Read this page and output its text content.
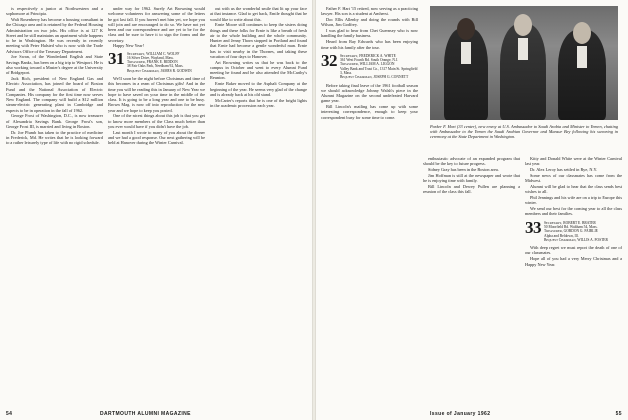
is respectively a junior at Northwestern and a sophomore at Principia.

Walt Rosenberry has become a housing consultant in the Chicago area and is retained by the Federal Housing Administration on two jobs. His office is at 127 K Street and he still maintains an apartment while happens to be in Washington. He was recently in recently meeting with Peter Halsted who is now with the Trade Advisors Office of the Treasury Department.

Joe Swan, of the Wonderland English and State Savings Banks, has been on a big trip to Westport. He is also working toward a Master's degree at the University of Bridgeport.

Jack Rich, president of New England Gas and Electric Association, has joined the board of Boston Fund and the National Association of Electric Companies. His company for the first time now serves New England. The company will build a $12 million steam-electric generating plant in Cambridge and expects to be in operation in the fall of 1962.

George Frost of Washington, D.C., is now treasurer of Alexandria Savings Bank. George Frost's son, George Frost III, is married and living in Boston.

Dr. Joe Plumb has taken to the practice of medicine in Frederick, Md. He writes that he is looking forward to a rather leisurely type of life with no rigid schedule.

under way for 1962. Surely Art Browning would welcome volunteers for answering some of the letters he got last fall. If you haven't met him yet, we hope you will join and are encouraged to do so. We have not yet been and our correspondence and are yet to be for the class and be sure to have it to sign the forms and the secretary.

Happy New Year!

31 Secretary, WILLIAM C. WOLFF
16 Silver Drive, Wayland, Mass.
Treasurer, FRANK E. BIDDON
38 Fair Oaks Park, Needham 92, Mass.
Bequest Chairman, JAMES R. GODWIN

We'll soon be the night before Christmas and time of this becomes in a ream of Christmas gifts! And in the time you will be reading this in January of New Year we hope to have saved on your time in the middle of the class. It is going to be a long year and one to be busy. Brown Mag. is now off into reproduction for the new year and we hope to keep you posted.

One of the nicest things about this job is that you get to know more members of the Class much better than you ever would have if you didn't have the job.

Last month I wrote to many of you about the dinner and we had a good response. Our next gathering will be held at Hanover during the Winter Carnival.

out with us the wonderful smile that lit up your face at that instance. Glad to get back, Emile thought that he would like to write about this.

Ernie Moore still continues to keep the sisters doing things and these folks for Ernie is like a breath of fresh air to the whole building and the whole community. Hunter and Jenny Thorn stopped in Portland and found that Ernie had become a gentle wonderful man. Ernie has to visit nearby in the Thornes, and taking these vacation of four days to Hanover.

Art Browning writes us that he was back to the campus in October and went to every Alumni Fund meeting he found and he also attended the McCarthy's Reunion.

Ernie Baker moved to the Asphalt Company at the beginning of the year. He seems very glad of the change and is already back at his old stand.

McCarter's reports that he is one of the bright lights in the academic procession each year.

Father F. Hart '15 retired, now serving as a practicing lawyer. His son is a student at Amherst.

Doc Ellis Allenby and doing the rounds with Bill Wilson, Jim Godfrey.

I was glad to hear from Chet Guernsey who is now handling the family business.

Heard from Ray Edwards who has been enjoying time with his family after the tour.

32 Secretary, FREDERICK A. WHITE
361 West Fourth Rd. South Orange, N.J.
Treasurer, WILLIAM A. LIGGON
Valley Bank and Trust Co., 1317 Main St. Springfield 3, Mass.
Bequest Chairman, JOSEPH G. CONNETT

Before taking final leave of the 1961 football season we should acknowledge Johnny Walsh's piece in the Alumni Magazine on the second undefeated Harvard game year.

Bill Lincoln's mailing has come up with some interesting correspondence, enough to keep your correspondent busy for some time to come.

Parker F. Hart (33 center), new envoy at U.S. Ambassador to Saudi Arabia and Minister to Yemen, chatting with Ambassador to the Yemen the Saudi Arabian Governor and Mansur Bey following his swearing in ceremony at the State Department in Washington.

enthusiastic advocate of an expanded program that should be the key to future progress.

Sidney Gray has been in the Boston area.

Jim Hoffman is still at the newspaper and wrote that he is enjoying time with family.

Bill Lincoln and Dewey Pullen are planning a reunion of the class this fall.

Kitty and Donald White were at the Winter Carnival last year.

Dr. Alex Leroy has settled in Rye, N.Y.

Some news of our classmates has come from the Midwest.

Alumni will be glad to hear that the class sends best wishes to all.

Phil Jennings and his wife are on a trip to Europe this winter.

We send our best for the coming year to all the class members and their families.

33 Secretary, ROBERT E. BRATER
50 Moorfield Rd. Waltham 54, Mass.
Treasurer, GORDON G. FAIRLIE
Alpha and Beldown, Ill.
Bequest Chairman, WILLIS A. FOSTER

With deep regret we must report the death of one of our classmates.

Hope all of you had a very Merry Christmas and a Happy New Year.

54	DARTMOUTH ALUMNI MAGAZINE	Issue of January 1962	55
